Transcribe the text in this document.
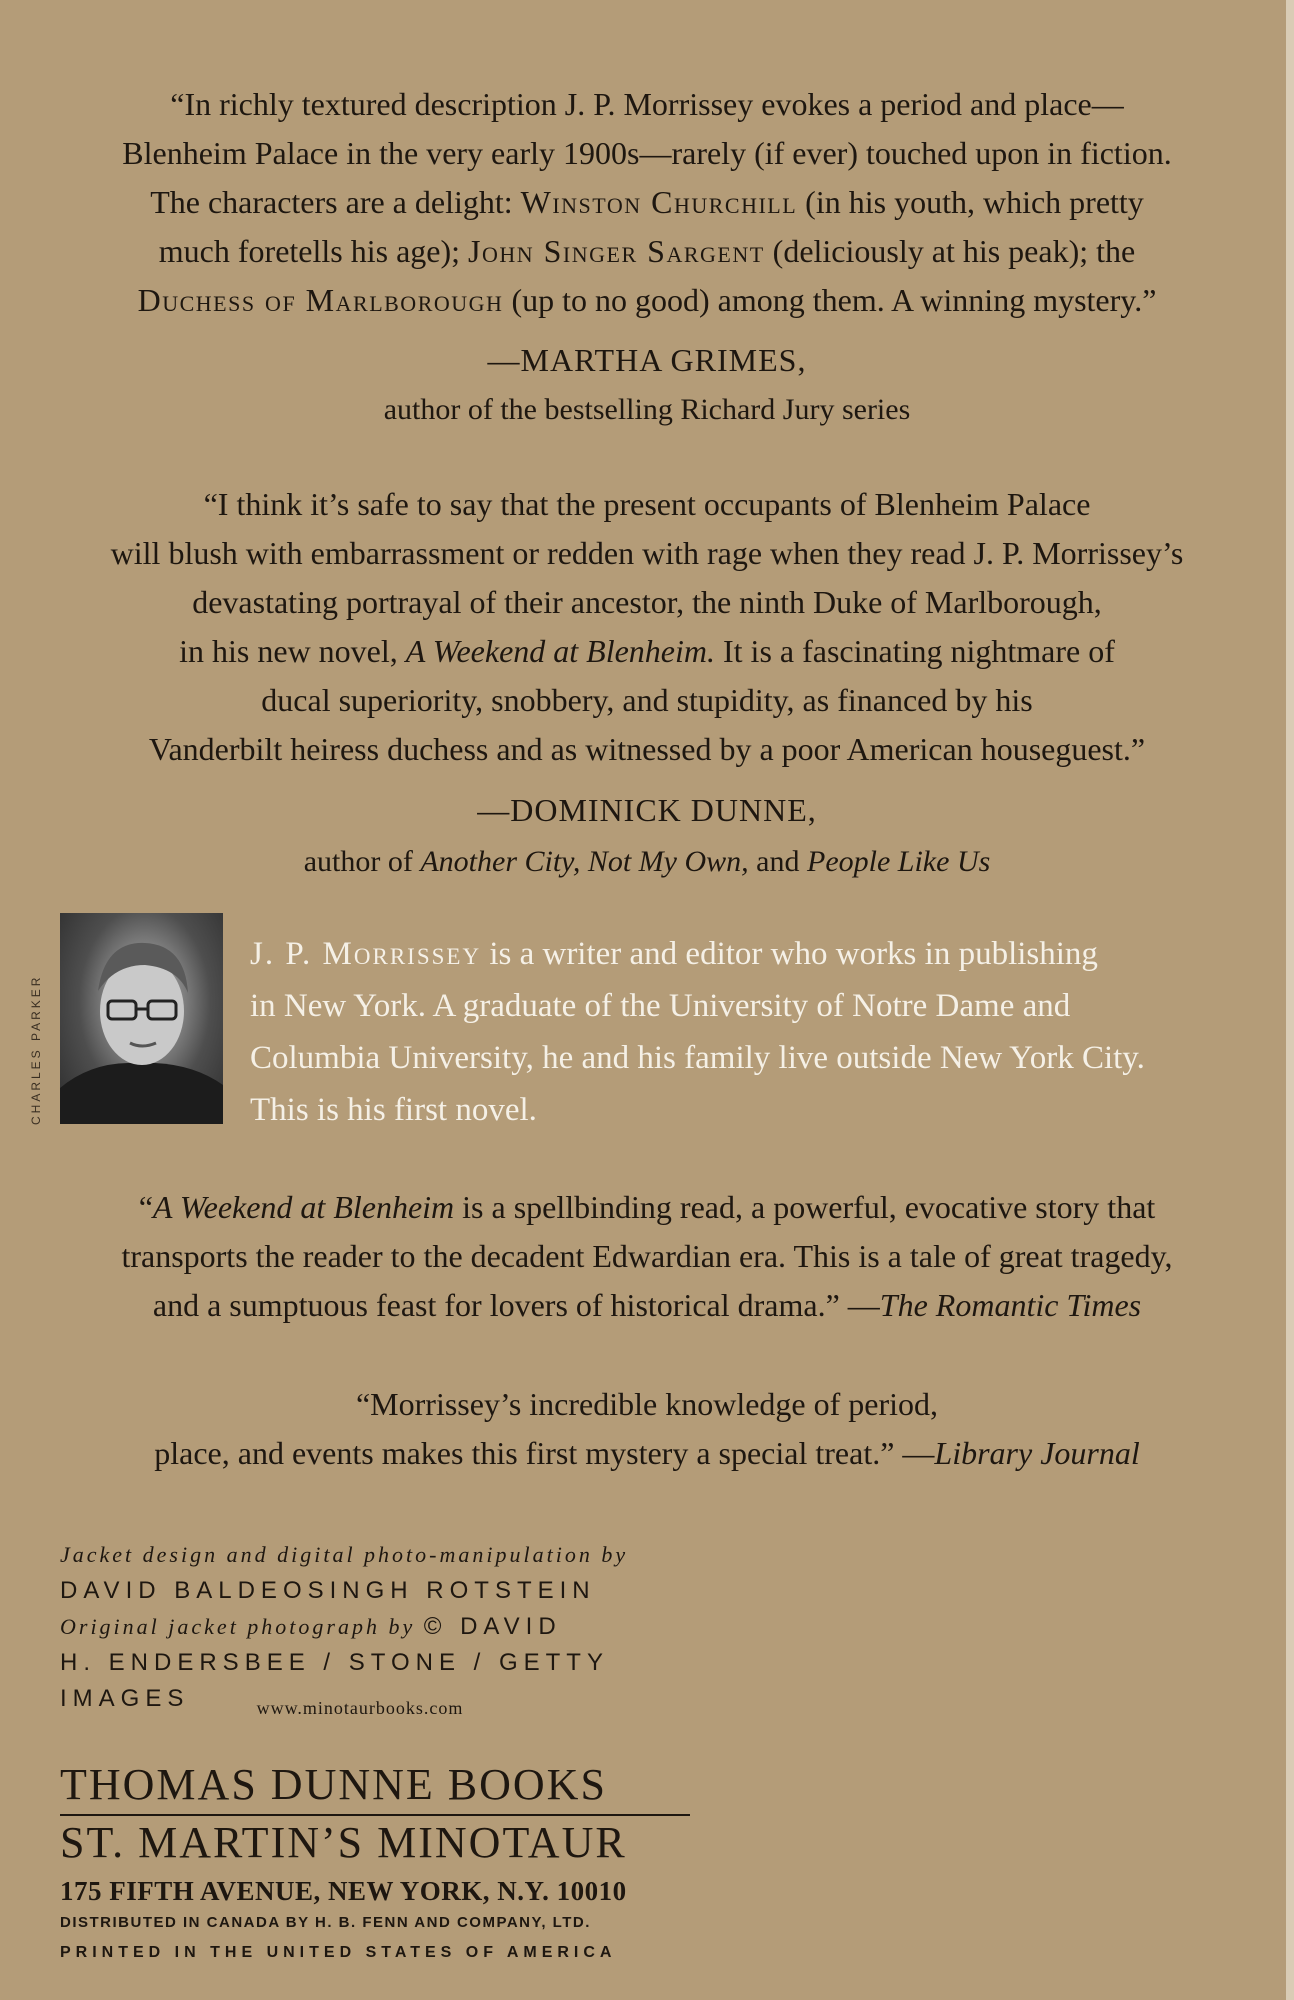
“In richly textured description J. P. Morrissey evokes a period and place—
Blenheim Palace in the very early 1900s—rarely (if ever) touched upon in fiction.
The characters are a delight: Winston Churchill (in his youth, which pretty
much foretells his age); John Singer Sargent (deliciously at his peak); the
Duchess of Marlborough (up to no good) among them. A winning mystery.”
—MARTHA GRIMES,
author of the bestselling Richard Jury series
“I think it’s safe to say that the present occupants of Blenheim Palace
will blush with embarrassment or redden with rage when they read J. P. Morrissey’s
devastating portrayal of their ancestor, the ninth Duke of Marlborough,
in his new novel, A Weekend at Blenheim. It is a fascinating nightmare of
ducal superiority, snobbery, and stupidity, as financed by his
Vanderbilt heiress duchess and as witnessed by a poor American houseguest.”
—DOMINICK DUNNE,
author of Another City, Not My Own, and People Like Us
CHARLES PARKER
J. P. Morrissey is a writer and editor who works in publishing
in New York. A graduate of the University of Notre Dame and
Columbia University, he and his family live outside New York City.
This is his first novel.
“A Weekend at Blenheim is a spellbinding read, a powerful, evocative story that
transports the reader to the decadent Edwardian era. This is a tale of great tragedy,
and a sumptuous feast for lovers of historical drama.” —The Romantic Times
“Morrissey’s incredible knowledge of period,
place, and events makes this first mystery a special treat.” —Library Journal
Jacket design and digital photo-manipulation by
DAVID BALDEOSINGH ROTSTEIN
Original jacket photograph by © DAVID
H. ENDERSBEE / STONE / GETTY IMAGES	www.minotaurbooks.com
THOMAS DUNNE BOOKS
ST. MARTIN’S MINOTAUR
175 FIFTH AVENUE, NEW YORK, N.Y. 10010
DISTRIBUTED IN CANADA BY H. B. FENN AND COMPANY, LTD.
PRINTED IN THE UNITED STATES OF AMERICA
